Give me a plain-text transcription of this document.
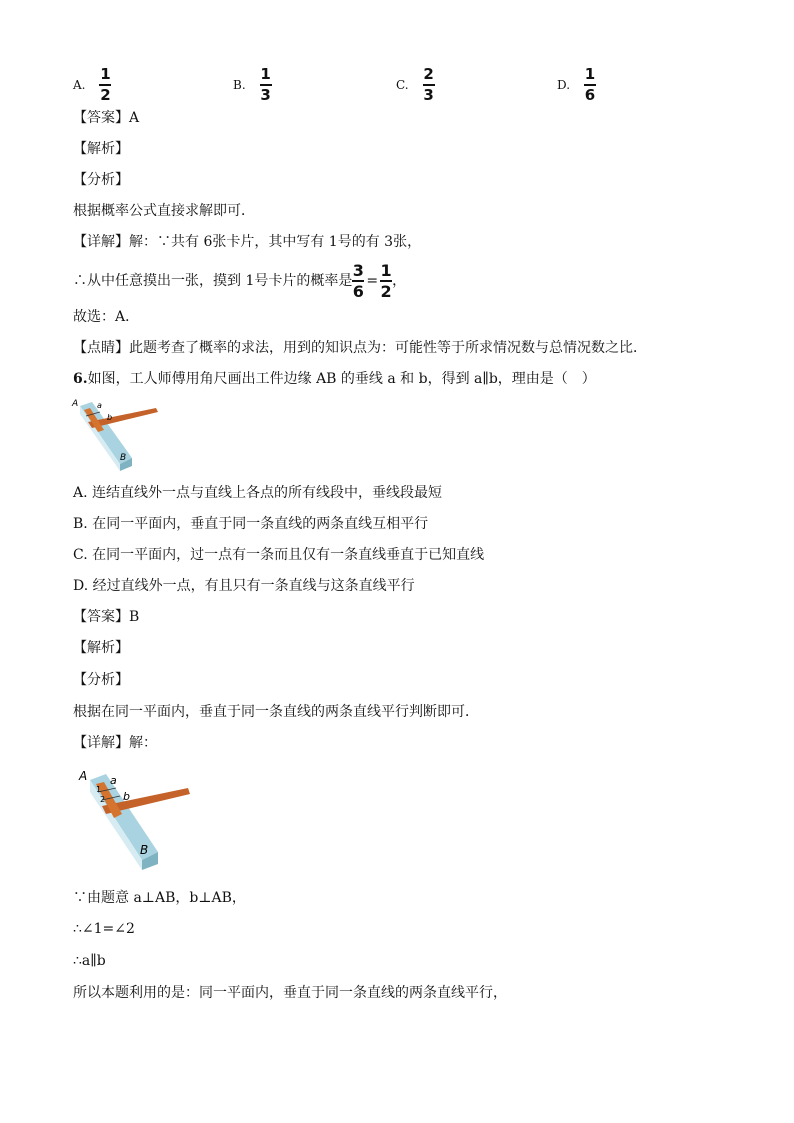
A. $\frac{1}{2}$	B. $\frac{1}{3}$	C. $\frac{2}{3}$	D. $\frac{1}{6}$
【答案】A
【解析】
【分析】
根据概率公式直接求解即可．
【详解】解：∵共有 6张卡片，其中写有 1号的有 3张，
∴从中任意摸出一张，摸到 1号卡片的概率是 $\frac{3}{6} = \frac{1}{2}$ ，
故选：A．
【点睛】此题考查了概率的求法，用到的知识点为：可能性等于所求情况数与总情况数之比．
6.如图，工人师傅用角尺画出工件边缘 AB 的垂线 a 和 b，得到 a∥b，理由是（　）
A a
b
B
A. 连结直线外一点与直线上各点的所有线段中，垂线段最短
B. 在同一平面内，垂直于同一条直线的两条直线互相平行
C. 在同一平面内，过一点有一条而且仅有一条直线垂直于已知直线
D. 经过直线外一点，有且只有一条直线与这条直线平行
【答案】B
【解析】
【分析】
根据在同一平面内，垂直于同一条直线的两条直线平行判断即可．
【详解】解：
A a
1
2 b
B
∵由题意 a⊥AB，b⊥AB，
∴∠1=∠2
∴a∥b
所以本题利用的是：同一平面内，垂直于同一条直线的两条直线平行，
